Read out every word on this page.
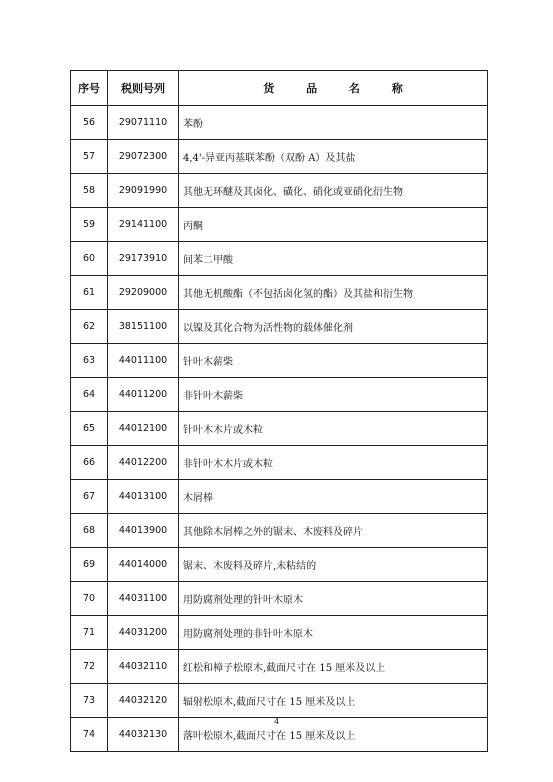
序号	税则号列	货 品 名 称
56	29071110	苯酚
57	29072300	4,4'-异亚丙基联苯酚（双酚 A）及其盐
58	29091990	其他无环醚及其卤化、磺化、硝化或亚硝化衍生物
59	29141100	丙酮
60	29173910	间苯二甲酸
61	29209000	其他无机酸酯（不包括卤化氢的酯）及其盐和衍生物
62	38151100	以镍及其化合物为活性物的载体催化剂
63	44011100	针叶木薪柴
64	44011200	非针叶木薪柴
65	44012100	针叶木木片或木粒
66	44012200	非针叶木木片或木粒
67	44013100	木屑棒
68	44013900	其他除木屑棒之外的锯末、木废料及碎片
69	44014000	锯末、木废料及碎片,未粘结的
70	44031100	用防腐剂处理的针叶木原木
71	44031200	用防腐剂处理的非针叶木原木
72	44032110	红松和樟子松原木,截面尺寸在 15 厘米及以上
73	44032120	辐射松原木,截面尺寸在 15 厘米及以上
74	44032130	落叶松原木,截面尺寸在 15 厘米及以上
4
